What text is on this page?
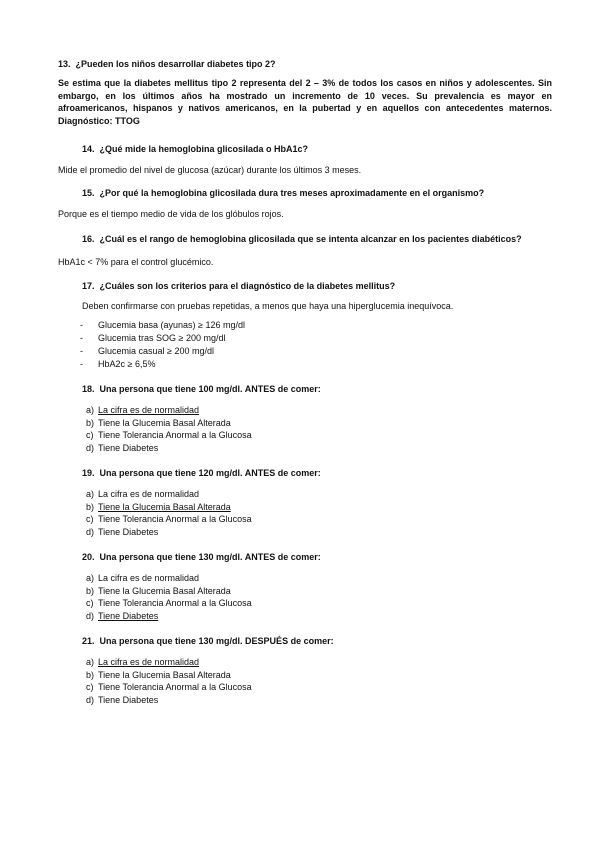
13. ¿Pueden los niños desarrollar diabetes tipo 2?
Se estima que la diabetes mellitus tipo 2 representa del 2 – 3% de todos los casos en niños y adolescentes. Sin embargo, en los últimos años ha mostrado un incremento de 10 veces. Su prevalencia es mayor en afroamericanos, hispanos y nativos americanos, en la pubertad y en aquellos con antecedentes maternos. Diagnóstico: TTOG
14. ¿Qué mide la hemoglobina glicosilada o HbA1c?
Mide el promedio del nivel de glucosa (azúcar) durante los últimos 3 meses.
15. ¿Por qué la hemoglobina glicosilada dura tres meses aproximadamente en el organismo?
Porque es el tiempo medio de vida de los glóbulos rojos.
16. ¿Cuál es el rango de hemoglobina glicosilada que se intenta alcanzar en los pacientes diabéticos?
HbA1c < 7% para el control glucémico.
17. ¿Cuáles son los criterios para el diagnóstico de la diabetes mellitus?
Deben confirmarse con pruebas repetidas, a menos que haya una hiperglucemia inequívoca.
- Glucemia basa (ayunas) ≥ 126 mg/dl
- Glucemia tras SOG ≥ 200 mg/dl
- Glucemia casual ≥ 200 mg/dl
- HbA2c ≥ 6,5%
18. Una persona que tiene 100 mg/dl. ANTES de comer:
a) La cifra es de normalidad
b) Tiene la Glucemia Basal Alterada
c) Tiene Tolerancia Anormal a la Glucosa
d) Tiene Diabetes
19. Una persona que tiene 120 mg/dl. ANTES de comer:
a) La cifra es de normalidad
b) Tiene la Glucemia Basal Alterada
c) Tiene Tolerancia Anormal a la Glucosa
d) Tiene Diabetes
20. Una persona que tiene 130 mg/dl. ANTES de comer:
a) La cifra es de normalidad
b) Tiene la Glucemia Basal Alterada
c) Tiene Tolerancia Anormal a la Glucosa
d) Tiene Diabetes
21. Una persona que tiene 130 mg/dl. DESPUÉS de comer:
a) La cifra es de normalidad
b) Tiene la Glucemia Basal Alterada
c) Tiene Tolerancia Anormal a la Glucosa
d) Tiene Diabetes
